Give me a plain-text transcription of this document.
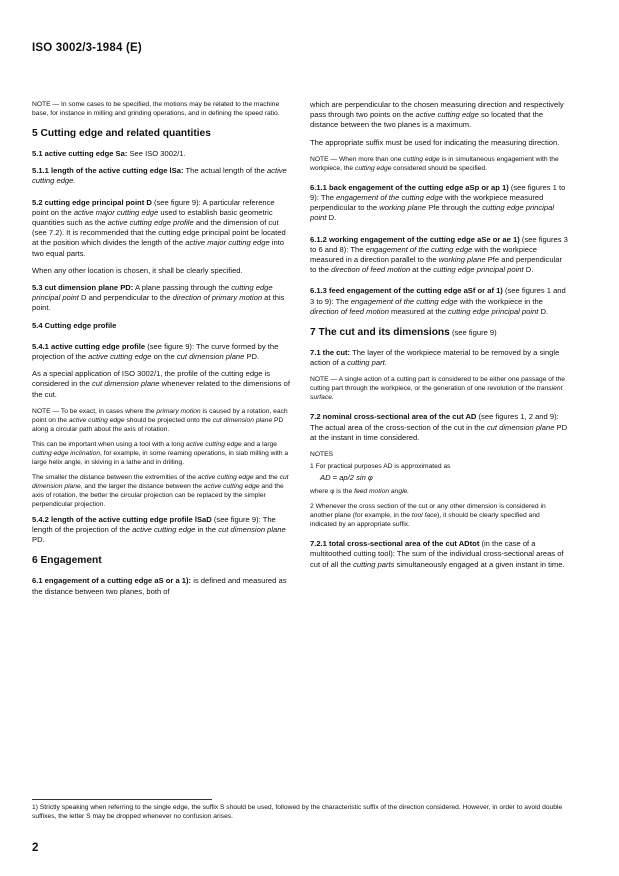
ISO 3002/3-1984 (E)

NOTE — In some cases to be specified, the motions may be related to the machine base, for instance in milling and grinding operations, and in defining the speed ratio.

5 Cutting edge and related quantities

5.1 active cutting edge Sa: See ISO 3002/1.

5.1.1 length of the active cutting edge lSa: The actual length of the active cutting edge.

5.2 cutting edge principal point D (see figure 9): A particular reference point on the active major cutting edge used to establish basic geometric quantities such as the active cutting edge profile and the dimension of cut (see 7.2). It is recommended that the cutting edge principal point be located at the position which divides the length of the active major cutting edge into two equal parts.

When any other location is chosen, it shall be clearly specified.

5.3 cut dimension plane PD: A plane passing through the cutting edge principal point D and perpendicular to the direction of primary motion at this point.

5.4 Cutting edge profile

5.4.1 active cutting edge profile (see figure 9): The curve formed by the projection of the active cutting edge on the cut dimension plane PD.

As a special application of ISO 3002/1, the profile of the cutting edge is considered in the cut dimension plane whenever related to the dimensions of the cut.

NOTE — To be exact, in cases where the primary motion is caused by a rotation, each point on the active cutting edge should be projected onto the cut dimension plane PD along a circular path about the axis of rotation.

This can be important when using a tool with a long active cutting edge and a large cutting edge inclination, for example, in some reaming operations, in slab milling with a large helix angle, in skiving in a lathe and in drilling.

The smaller the distance between the extremities of the active cutting edge and the cut dimension plane, and the larger the distance between the active cutting edge and the axis of rotation, the better the circular projection can be replaced by the simpler perpendicular projection.

5.4.2 length of the active cutting edge profile lSaD (see figure 9): The length of the projection of the active cutting edge in the cut dimension plane PD.

6 Engagement

6.1 engagement of a cutting edge aS or a 1): is defined and measured as the distance between two planes, both of

which are perpendicular to the chosen measuring direction and respectively pass through two points on the active cutting edge so located that the distance between the two planes is a maximum.

The appropriate suffix must be used for indicating the measuring direction.

NOTE — When more than one cutting edge is in simultaneous engagement with the workpiece, the cutting edge considered should be specified.

6.1.1 back engagement of the cutting edge aSp or ap 1) (see figures 1 to 9): The engagement of the cutting edge with the workpiece measured perpendicular to the working plane Pfe through the cutting edge principal point D.

6.1.2 working engagement of the cutting edge aSe or ae 1) (see figures 3 to 6 and 8): The engagement of the cutting edge with the workpiece measured in a direction parallel to the working plane Pfe and perpendicular to the direction of feed motion at the cutting edge principal point D.

6.1.3 feed engagement of the cutting edge aSf or af 1) (see figures 1 and 3 to 9): The engagement of the cutting edge with the workpiece in the direction of feed motion measured at the cutting edge principal point D.

7 The cut and its dimensions (see figure 9)

7.1 the cut: The layer of the workpiece material to be removed by a single action of a cutting part.

NOTE — A single action of a cutting part is considered to be either one passage of the cutting part through the workpiece, or the generation of one revolution of the transient surface.

7.2 nominal cross-sectional area of the cut AD (see figures 1, 2 and 9): The actual area of the cross-section of the cut in the cut dimension plane PD at the instant in time considered.

NOTES

1 For practical purposes AD is approximated as

AD = ap/2 sin φ

where φ is the feed motion angle.

2 Whenever the cross section of the cut or any other dimension is considered in another plane (for example, in the tool face), it should be clearly specified and indicated by an appropriate suffix.

7.2.1 total cross-sectional area of the cut ADtot (in the case of a multitoothed cutting tool): The sum of the individual cross-sectional areas of cut of all the cutting parts simultaneously engaged at a given instant in time.

1) Strictly speaking when referring to the single edge, the suffix S should be used, followed by the characteristic suffix of the direction considered. However, in order to avoid double suffixes, the letter S may be dropped whenever no confusion arises.
2
